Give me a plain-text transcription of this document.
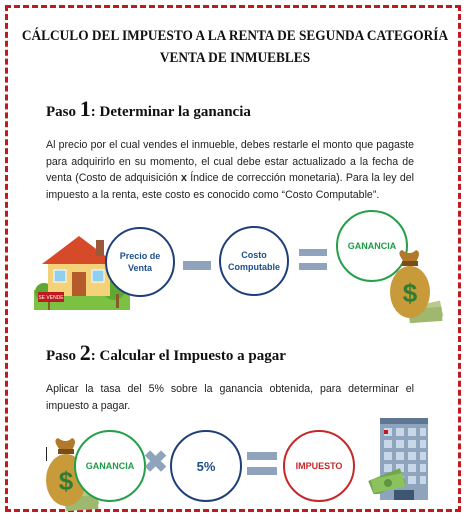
CÁLCULO DEL IMPUESTO A LA RENTA DE SEGUNDA CATEGORÍA
VENTA DE INMUEBLES
Paso 1: Determinar la ganancia
Al precio por el cual vendes el inmueble, debes restarle el monto que pagaste para adquirirlo en su momento, el cual debe estar actualizado a la fecha de venta (Costo de adquisición x Índice de corrección monetaria). Para la ley del impuesto a la renta, este costo es conocido como “Costo Computable”.
SE VENDE
Precio de
Venta
Costo
Computable
GANANCIA
$
Paso 2: Calcular el Impuesto a pagar
Aplicar la tasa del 5% sobre la ganancia obtenida, para determinar el impuesto a pagar.
$ GANANCIA ✖ 5%	IMPUESTO
